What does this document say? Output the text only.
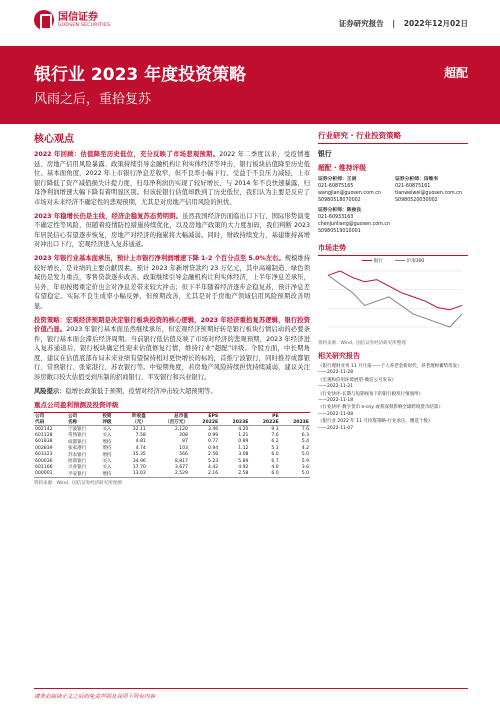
国信证券
GUOSEN SECURITIES	证券研究报告 | 2022年12月02日
银行业 2023 年度投资策略
风雨之后，重拾复苏
超配
核心观点
2022 年回顾：估值降至历史低位，充分反映了市场悲观预期。2022 年二季度以来，受疫情蔓延、房地产信用风险暴露、政策持续引导金融机构让利实体经济等冲击，银行板块估值降至历史低位。基本面角度，2022 年上市银行净息差收窄，但不良率小幅下行。受益于不良压力减轻，上市银行降低了资产减值损失计提力度，归母净利润仍实现了较好增长，与 2014 年不良快速暴露，归母净利润增速大幅下降有着明显区别。但该轮银行估值却跌到了历史低位，我们认为主要是反应了市场对未来经济不确定性的悲观预期，尤其是对房地产信用风险的担忧。
2023 年稳增长仍是主线，经济企稳复苏态势明朗。虽然我国经济仍面临出口下行，国际形势演变不确定性等风险，但随着疫情防控措施持续优化，以及房地产政策的大力度加码，我们判断 2023 年居民信心有望逐步恢复，房地产对经济的拖累将大幅减弱。同时，财政持续发力，基建维持高增对冲出口下行，宏观经济进入复苏通道。
2023 年银行业基本面承压，预计上市银行净利润增速下降 1-2 个百分点至 5.0%左右。规模维持较好增长，是业绩的主要贡献因素。预计 2023 年新增贷款约 23 万亿元，其中高端制造、绿色领域仍是发力重点，零售贷款逐步改善。政策继续引导金融机构让利实体经济，上半年净息差承压，另外，年初按揭重定价也会对净息差带来较大冲击；但下半年随着经济逐步企稳复苏，预计净息差有望稳定。实际不良生成率小幅反弹，但预期改善，尤其是对于房地产领域信用风险预期改善明显。
投资策略：宏观经济预期是决定银行板块投资的核心逻辑，2023 年经济重拾复苏逻辑，银行投资价值凸显。2023 年银行基本面虽然继续承压，但宏观经济预期好转是银行板块行情启动的必要条件，银行基本面会滞后经济周期。当前银行低估值反映了市场对经济的悲观预期，2023 年经济进入复苏通道后，银行板块确定性迎来估值修复行情，维持行业“超配”评级。个股方面，中长期角度，建议在估值底部布局未来业绩有望保持相对更快增长的标的，首推宁波银行，同时推荐成都银行、常熟银行、张家港行、苏农银行等。中短期角度，若房地产风险持续担忧持续减弱，建议关注涉房敞口较大估值受到压制的招商银行、平安银行和兴业银行。
风险提示：稳增长政策低于预期，疫情对经济冲击较大超预期等。
重点公司盈利预测及投资评级
公司	公司	投资	昨收盘	总市值	EPS		PE	
代码	名称	评级	（元）	（百万元）	2022E	2023E	2022E	2023E
002142	宁波银行	买入	32.11	2,120	3.46	4.20	9.3	7.6
601128	常熟银行	买入	7.58	208	0.99	1.21	7.6	6.3
601838	成都银行	增持	4.81	87	0.77	0.89	6.2	5.4
002839	张家港行	增持	4.74	103	0.94	1.12	5.1	4.2
603323	苏农银行	增持	15.35	566	2.56	3.08	6.0	5.0
600036	招商银行	买入	34.96	8,817	5.23	5.89	6.7	5.9
601166	兴业银行	买入	17.70	3,677	4.42	4.92	4.0	3.6
000001	平安银行	增持	13.03	2,529	2.16	2.58	6.0	5.0
资料来源：Wind、国信证券经济研究所预测
行业研究 · 行业投资策略
银行
超配 · 维持评级
证券分析师：王剑
021-60875165
wangjian@guosen.com.cn
S0980518070002
证券分析师：田维韦
021-60875161
tianweiwei@guosen.com.cn
S0980520030002
证券分析师：陈俊良
021-60933163
chenjunliang@guosen.com.cn
S0980519010001
市场走势
银行	沪深300
资料来源：Wind、国信证券经济研究所整理
相关研究报告
《银行理财业务 11 月月报——个人养老金新时代，养老理财蓄势待发》
——2022-11-28
《宏观和信用环境展望-微信公号发布》
——2022-11-21
《行业快评-长期与短期视角下的银行板块行情演绎》
——2022-11-18
《行业快评-数字货币 e-cny 或将深刻影响全球跨境货币结算》
——2022-11-08
《银行业 2022 年 11 月投资策略-行业承压，精选个股》
——2022-11-07
请务必阅读正文之后的免责声明及其项下所有内容
